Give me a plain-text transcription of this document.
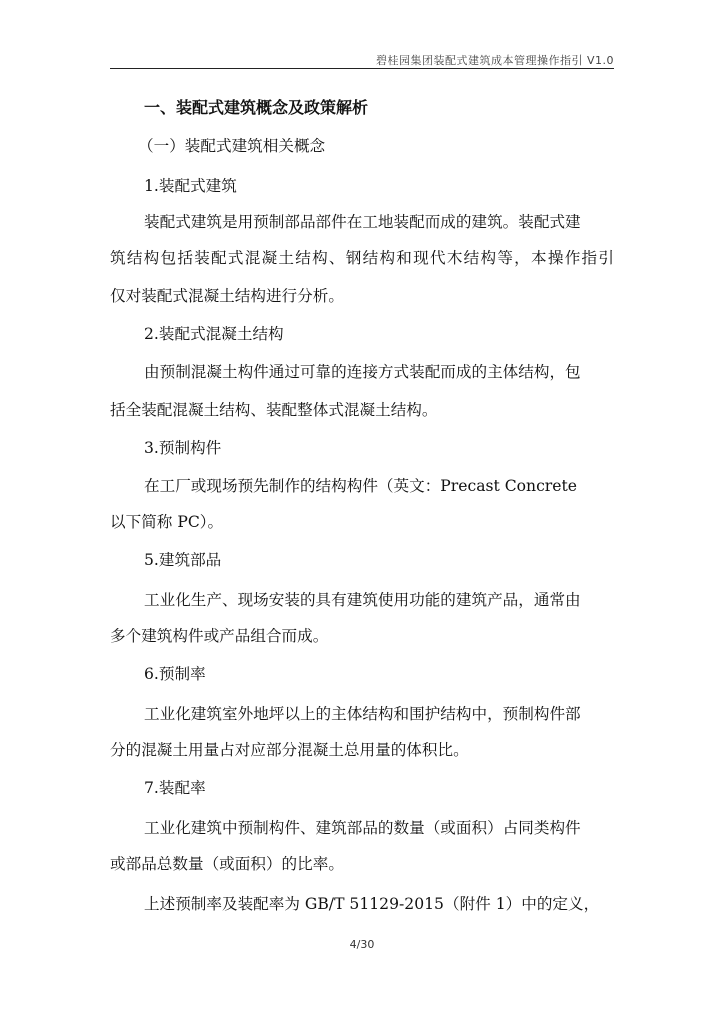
碧桂园集团装配式建筑成本管理操作指引 V1.0
一、装配式建筑概念及政策解析
（一）装配式建筑相关概念
1.装配式建筑
装配式建筑是用预制部品部件在工地装配而成的建筑。装配式建
筑结构包括装配式混凝土结构、钢结构和现代木结构等，本操作指引
仅对装配式混凝土结构进行分析。
2.装配式混凝土结构
由预制混凝土构件通过可靠的连接方式装配而成的主体结构，包
括全装配混凝土结构、装配整体式混凝土结构。
3.预制构件
在工厂或现场预先制作的结构构件（英文：Precast Concrete
以下简称 PC）。
5.建筑部品
工业化生产、现场安装的具有建筑使用功能的建筑产品，通常由
多个建筑构件或产品组合而成。
6.预制率
工业化建筑室外地坪以上的主体结构和围护结构中，预制构件部
分的混凝土用量占对应部分混凝土总用量的体积比。
7.装配率
工业化建筑中预制构件、建筑部品的数量（或面积）占同类构件
或部品总数量（或面积）的比率。
上述预制率及装配率为 GB/T 51129-2015（附件 1）中的定义，
4/30
